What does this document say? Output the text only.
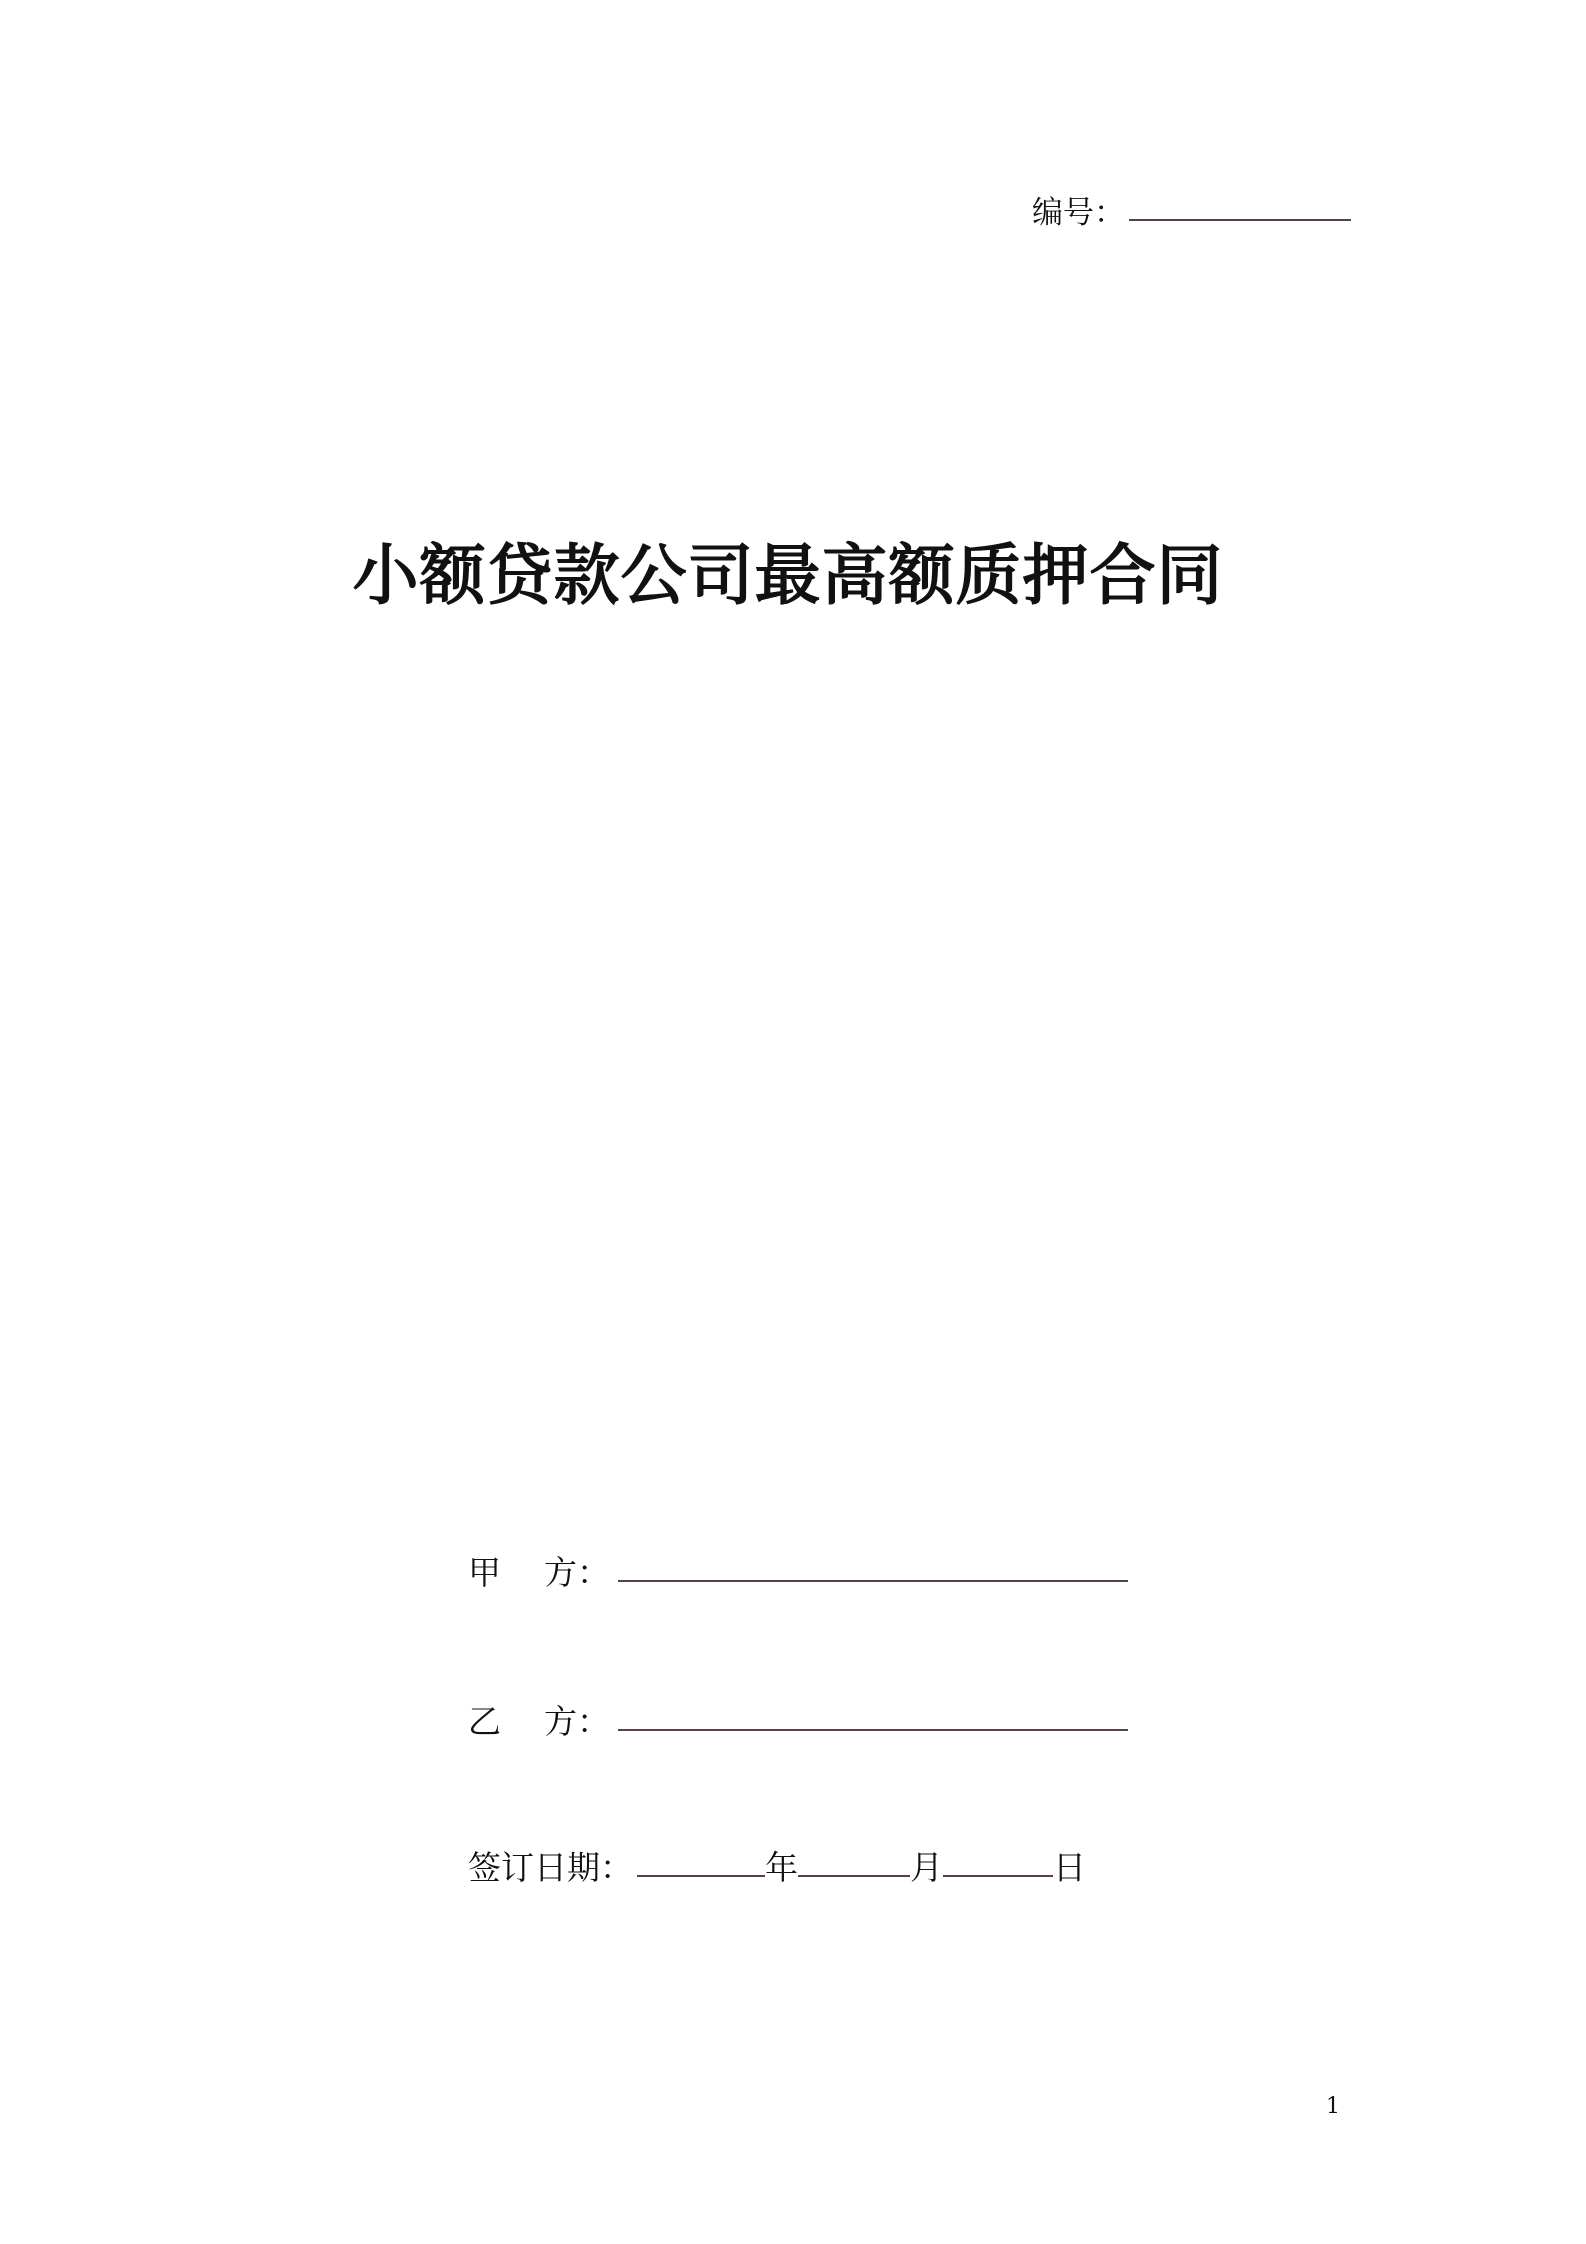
编号：
小额贷款公司最高额质押合同
甲 方：
乙 方：
签订日期：	年	月	日
1
